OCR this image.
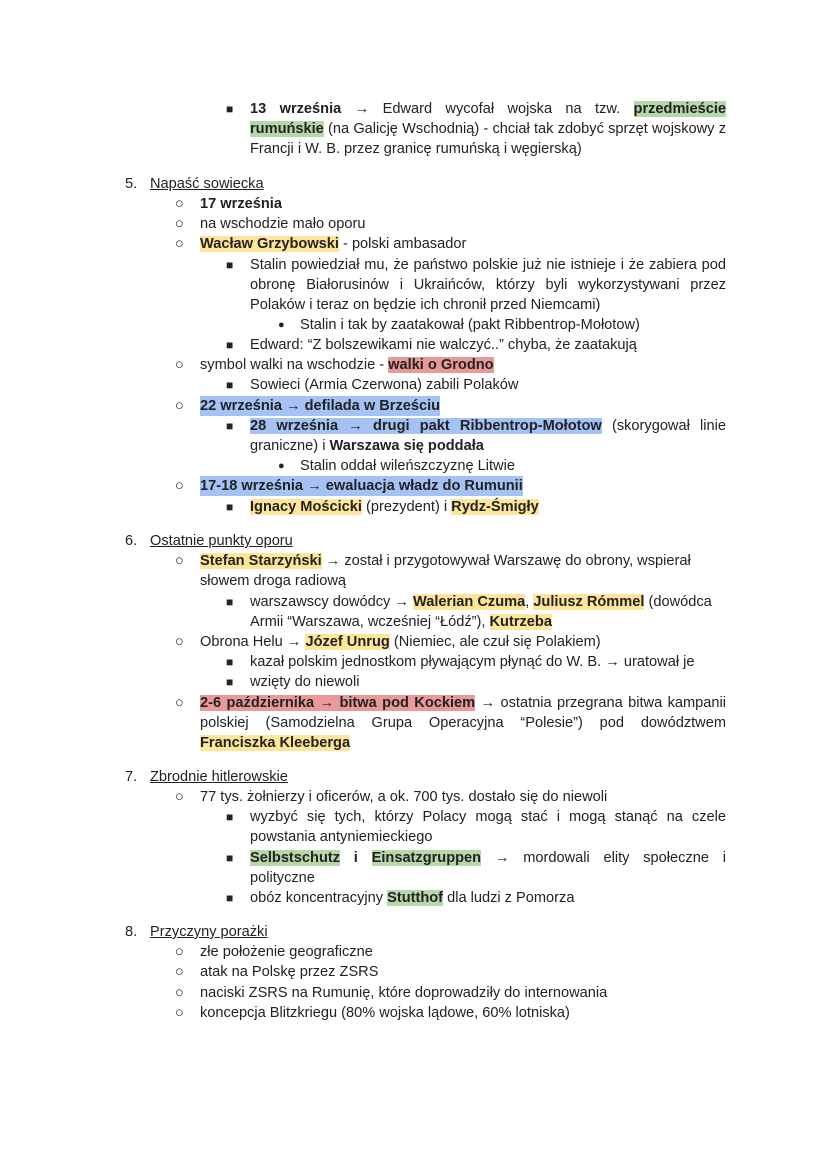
■ 13 września → Edward wycofał wojska na tzw. przedmieście rumuńskie (na Galicję Wschodnią) - chciał tak zdobyć sprzęt wojskowy z Francji i W. B. przez granicę rumuńską i węgierską)
5. Napaść sowiecka
○ 17 września
○ na wschodzie mało oporu
○ Wacław Grzybowski - polski ambasador
■ Stalin powiedział mu, że państwo polskie już nie istnieje i że zabiera pod obronę Białorusinów i Ukraińców, którzy byli wykorzystywani przez Polaków i teraz on będzie ich chronił przed Niemcami)
● Stalin i tak by zaatakował (pakt Ribbentrop-Mołotow)
■ Edward: “Z bolszewikami nie walczyć..” chyba, że zaatakują
○ symbol walki na wschodzie - walki o Grodno
■ Sowieci (Armia Czerwona) zabili Polaków
○ 22 września → defilada w Brześciu
■ 28 września → drugi pakt Ribbentrop-Mołotow (skorygował linie graniczne) i Warszawa się poddała
● Stalin oddał wileńszczyznę Litwie
○ 17-18 września → ewaluacja władz do Rumunii
■ Ignacy Mościcki (prezydent) i Rydz-Śmigły
6. Ostatnie punkty oporu
○ Stefan Starzyński → został i przygotowywał Warszawę do obrony, wspierał słowem droga radiową
■ warszawscy dowódcy → Walerian Czuma, Juliusz Rómmel (dowódca Armii “Warszawa, wcześniej “Łódź”), Kutrzeba
○ Obrona Helu → Józef Unrug (Niemiec, ale czuł się Polakiem)
■ kazał polskim jednostkom pływającym płynąć do W. B. → uratował je
■ wzięty do niewoli
○ 2-6 października → bitwa pod Kockiem → ostatnia przegrana bitwa kampanii polskiej (Samodzielna Grupa Operacyjna “Polesie”) pod dowództwem Franciszka Kleeberga
7. Zbrodnie hitlerowskie
○ 77 tys. żołnierzy i oficerów, a ok. 700 tys. dostało się do niewoli
■ wyzbyć się tych, którzy Polacy mogą stać i mogą stanąć na czele powstania antyniemieckiego
■ Selbstschutz i Einsatzgruppen → mordowali elity społeczne i polityczne
■ obóz koncentracyjny Stutthof dla ludzi z Pomorza
8. Przyczyny porażki
○ złe położenie geograficzne
○ atak na Polskę przez ZSRS
○ naciski ZSRS na Rumunię, które doprowadziły do internowania
○ koncepcja Blitzkriegu (80% wojska lądowe, 60% lotniska)
